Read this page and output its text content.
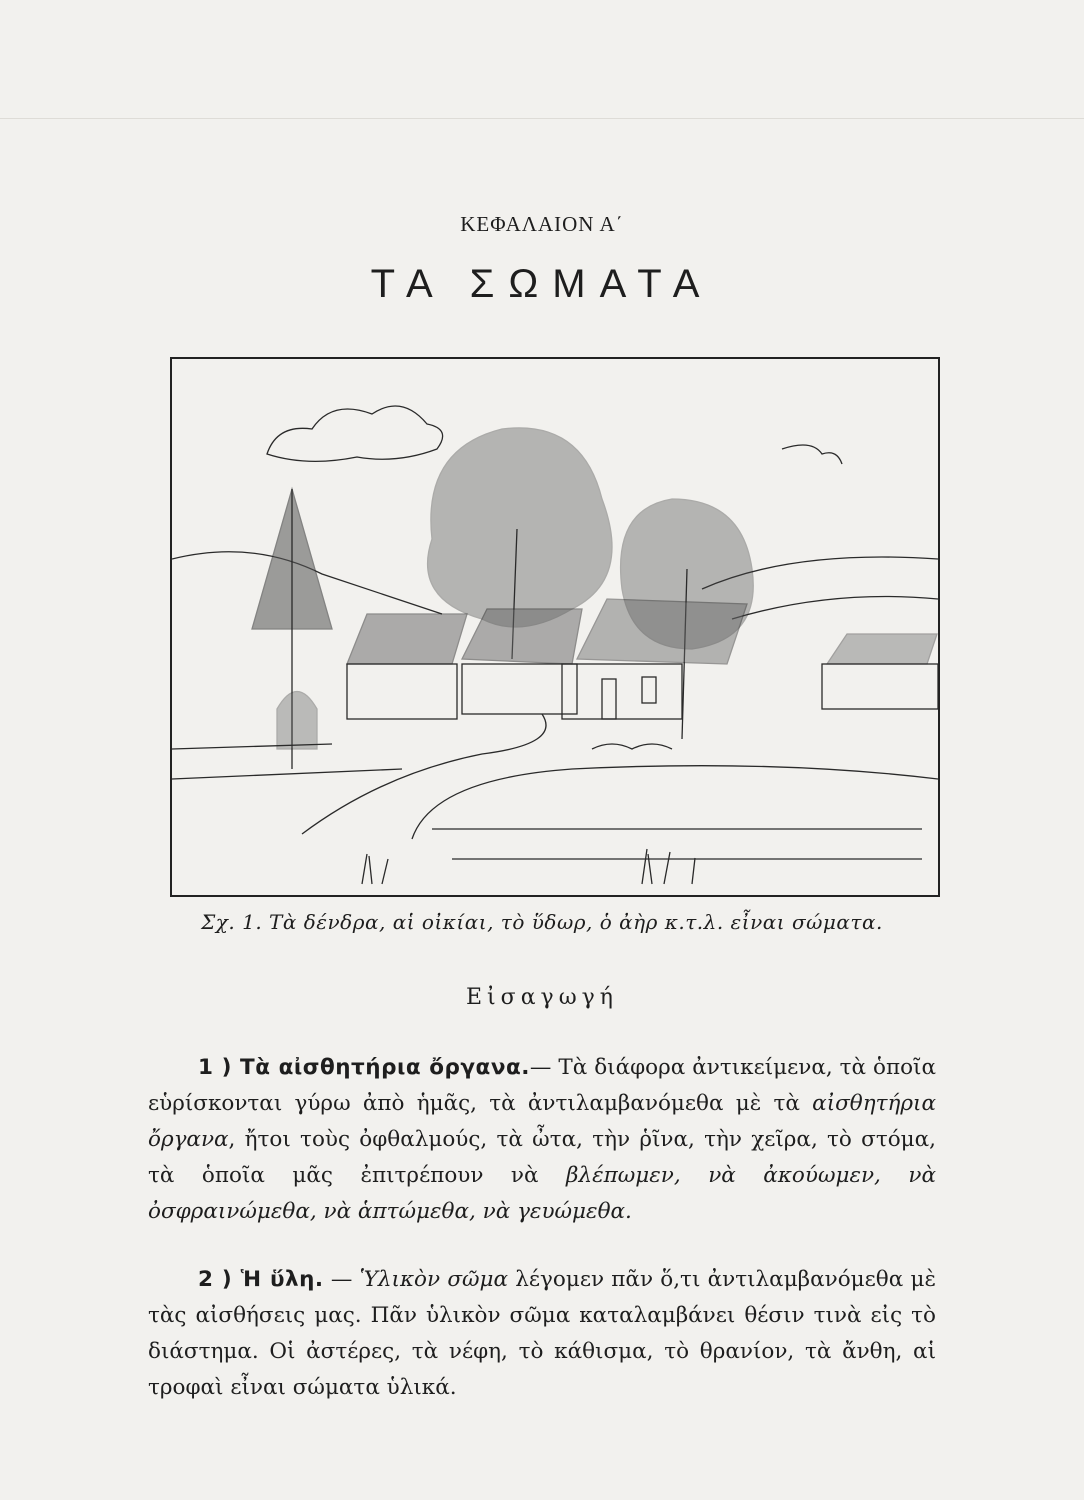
ΚΕΦΑΛΑΙΟΝ Α΄
ΤΑ ΣΩΜΑΤΑ
Σχ. 1. Τὰ δένδρα, αἱ οἰκίαι, τὸ ὕδωρ, ὁ ἀὴρ κ.τ.λ. εἶναι σώματα.
Εἰσαγωγή
1 ) Τὰ αἰσθητήρια ὄργανα.— Τὰ διάφορα ἀντικείμενα, τὰ ὁποῖα εὑρίσκονται γύρω ἀπὸ ἡμᾶς, τὰ ἀντιλαμβανόμεθα μὲ τὰ αἰσθητήρια ὄργανα, ἤτοι τοὺς ὀφθαλμούς, τὰ ὦτα, τὴν ῥῖνα, τὴν χεῖρα, τὸ στόμα, τὰ ὁποῖα μᾶς ἐπιτρέπουν νὰ βλέπωμεν, νὰ ἀκούωμεν, νὰ ὀσφραινώμεθα, νὰ ἁπτώμεθα, νὰ γευώμεθα.
2 ) Ἡ ὕλη. — Ὑλικὸν σῶμα λέγομεν πᾶν ὅ,τι ἀντιλαμβανόμεθα μὲ τὰς αἰσθήσεις μας. Πᾶν ὑλικὸν σῶμα καταλαμβάνει θέσιν τινὰ εἰς τὸ διάστημα. Οἱ ἀστέρες, τὰ νέφη, τὸ κάθισμα, τὸ θρανίον, τὰ ἄνθη, αἱ τροφαὶ εἶναι σώματα ὑλικά.
